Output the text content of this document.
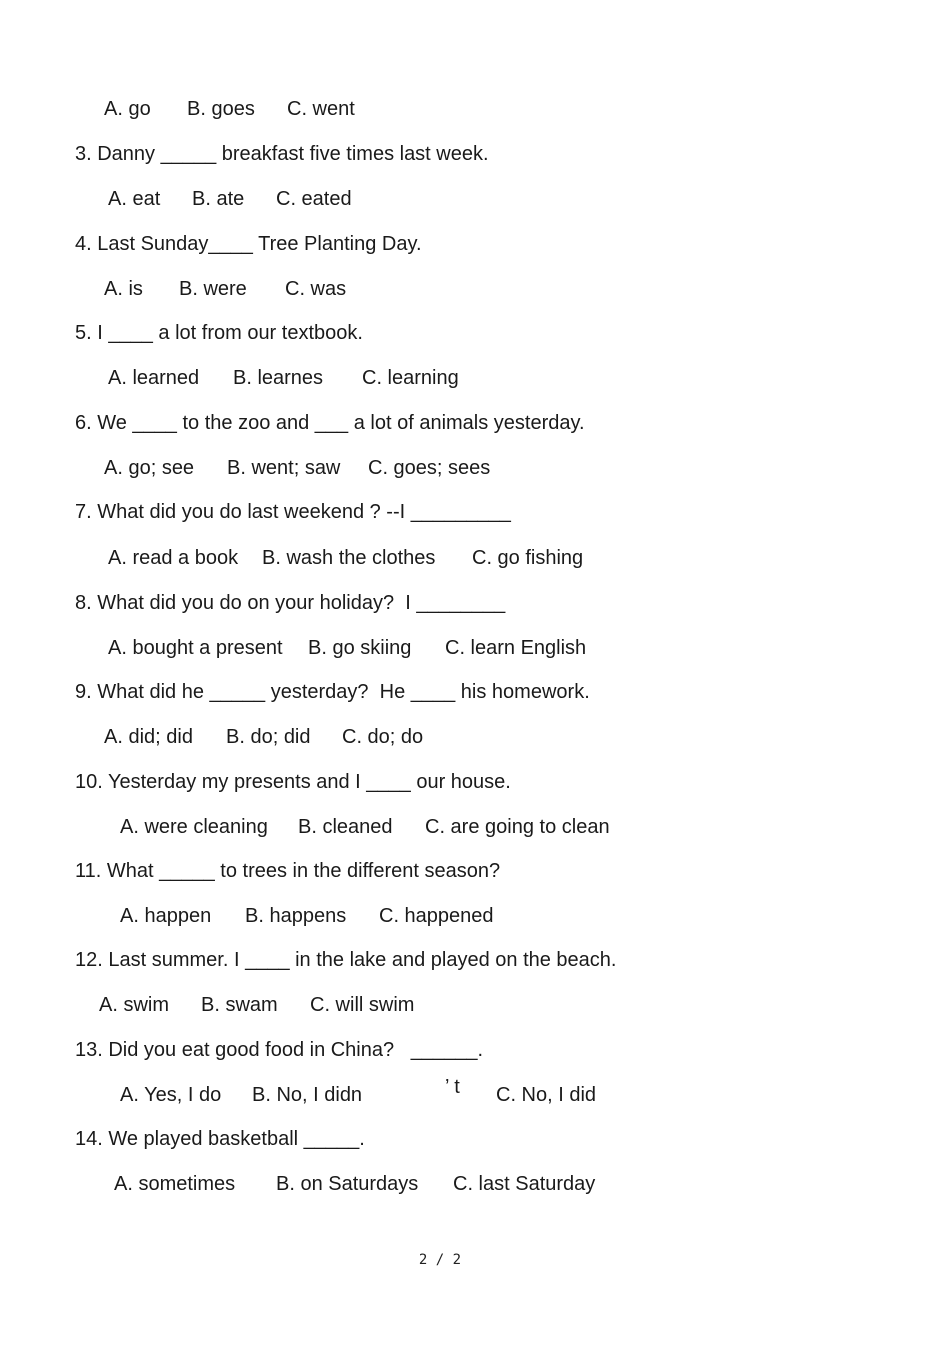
A. go B. goes C. went
3. Danny _____ breakfast five times last week.
A. eat B. ate C. eated
4. Last Sunday____ Tree Planting Day.
A. is B. were C. was
5. I ____ a lot from our textbook.
A. learned B. learnes C. learning
6. We ____ to the zoo and ___ a lot of animals yesterday.
A. go; see B. went; saw C. goes; sees
7. What did you do last weekend ? --I _________
A. read a book B. wash the clothes C. go fishing
8. What did you do on your holiday?  I ________
A. bought a present B. go skiing C. learn English
9. What did he _____ yesterday?  He ____ his homework.
A. did; did B. do; did C. do; do
10. Yesterday my presents and I ____ our house.
A. were cleaning B. cleaned C. are going to clean
11. What _____ to trees in the different season?
A. happen B. happens C. happened
12. Last summer. I ____ in the lake and played on the beach.
A. swim B. swam C. will swim
13. Did you eat good food in China?   ______.
A. Yes, I do B. No, I didn	’ t C. No, I did
14. We played basketball _____.
A. sometimes B. on Saturdays C. last Saturday
2 / 2
